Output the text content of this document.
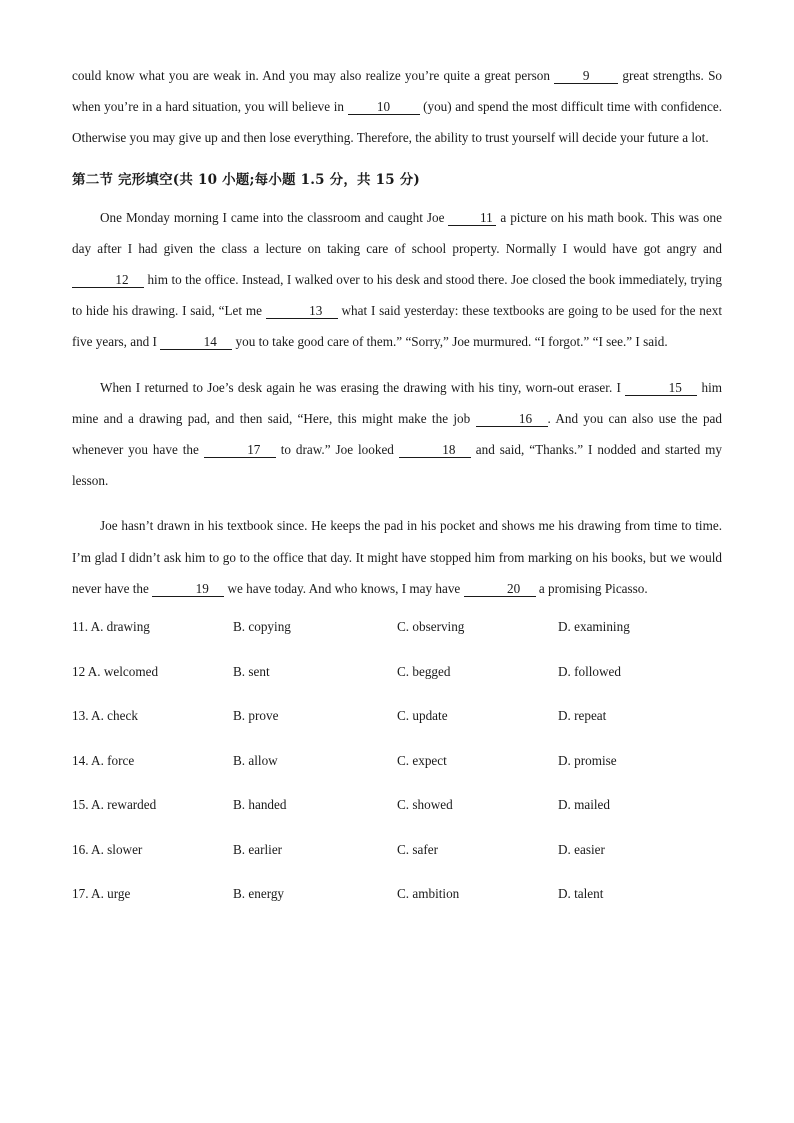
could know what you are weak in. And you may also realize you’re quite a great person 9 great strengths. So when you’re in a hard situation, you will believe in 10 (you) and spend the most difficult time with confidence. Otherwise you may give up and then lose everything. Therefore, the ability to trust yourself will decide your future a lot.

第二节 完形填空(共 10 小题;每小题 1.5 分，共 15 分)

One Monday morning I came into the classroom and caught Joe 11 a picture on his math book. This was one day after I had given the class a lecture on taking care of school property. Normally I would have got angry and 12 him to the office. Instead, I walked over to his desk and stood there. Joe closed the book immediately, trying to hide his drawing. I said, “Let me	13 what I said yesterday: these textbooks are going to be used for the next five years, and I	14 you to take good care of them.” “Sorry,” Joe murmured. “I forgot.” “I see.” I said.

When I returned to Joe’s desk again he was erasing the drawing with his tiny, worn-out eraser. I	15 him mine and a drawing pad, and then said, “Here, this might make the job	16 . And you can also use the pad whenever you have the	17 to draw.” Joe looked	18 and said, “Thanks.” I nodded and started my lesson.

Joe hasn’t drawn in his textbook since. He keeps the pad in his pocket and shows me his drawing from time to time. I’m glad I didn’t ask him to go to the office that day. It might have stopped him from marking on his books, but we would never have the	19 we have today. And who knows, I may have	20 a promising Picasso.

11. A. drawing	B. copying	C. observing	D. examining
12 A. welcomed	B. sent	C. begged	D. followed
13. A. check	B. prove	C. update	D. repeat
14. A. force	B. allow	C. expect	D. promise
15. A. rewarded	B. handed	C. showed	D. mailed
16. A. slower	B. earlier	C. safer	D. easier
17. A. urge	B. energy	C. ambition	D. talent
